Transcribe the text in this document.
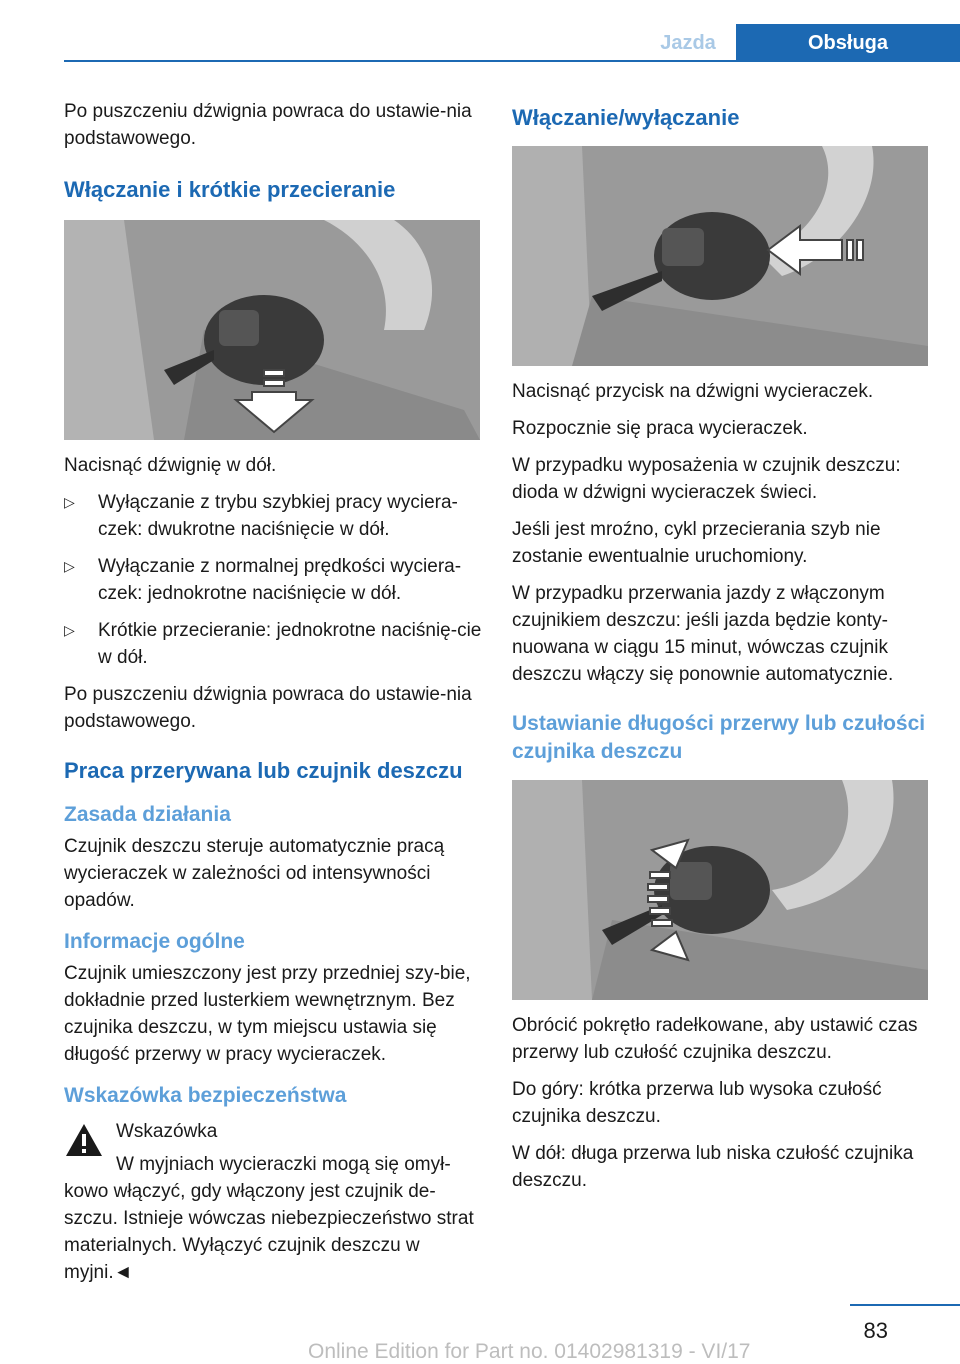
Jazda	Obsługa

Po puszczeniu dźwignia powraca do ustawie‐nia podstawowego.

Włączanie i krótkie przecieranie

Nacisnąć dźwignię w dół.

▷ Wyłączanie z trybu szybkiej pracy wyciera‐czek: dwukrotne naciśnięcie w dół.
▷ Wyłączanie z normalnej prędkości wyciera‐czek: jednokrotne naciśnięcie w dół.
▷ Krótkie przecieranie: jednokrotne naciśnię‐cie w dół.

Po puszczeniu dźwignia powraca do ustawie‐nia podstawowego.

Praca przerywana lub czujnik deszczu
Zasada działania

Czujnik deszczu steruje automatycznie pracą wycieraczek w zależności od intensywności opadów.

Informacje ogólne

Czujnik umieszczony jest przy przedniej szy‐bie, dokładnie przed lusterkiem wewnętrznym. Bez czujnika deszczu, w tym miejscu ustawia się długość przerwy w pracy wycieraczek.

Wskazówka bezpieczeństwa

Wskazówka

W myjniach wycieraczki mogą się omył‐kowo włączyć, gdy włączony jest czujnik de‐szczu. Istnieje wówczas niebezpieczeństwo strat materialnych. Wyłączyć czujnik deszczu w myjni.◄

Włączanie/wyłączanie

Nacisnąć przycisk na dźwigni wycieraczek.

Rozpocznie się praca wycieraczek.

W przypadku wyposażenia w czujnik deszczu: dioda w dźwigni wycieraczek świeci.

Jeśli jest mroźno, cykl przecierania szyb nie zostanie ewentualnie uruchomiony.

W przypadku przerwania jazdy z włączonym czujnikiem deszczu: jeśli jazda będzie konty‐nuowana w ciągu 15 minut, wówczas czujnik deszczu włączy się ponownie automatycznie.

Ustawianie długości przerwy lub czułości czujnika deszczu

Obrócić pokrętło radełkowane, aby ustawić czas przerwy lub czułość czujnika deszczu.

Do góry: krótka przerwa lub wysoka czułość czujnika deszczu.

W dół: długa przerwa lub niska czułość czujnika deszczu.

83
Online Edition for Part no. 01402981319 - VI/17
